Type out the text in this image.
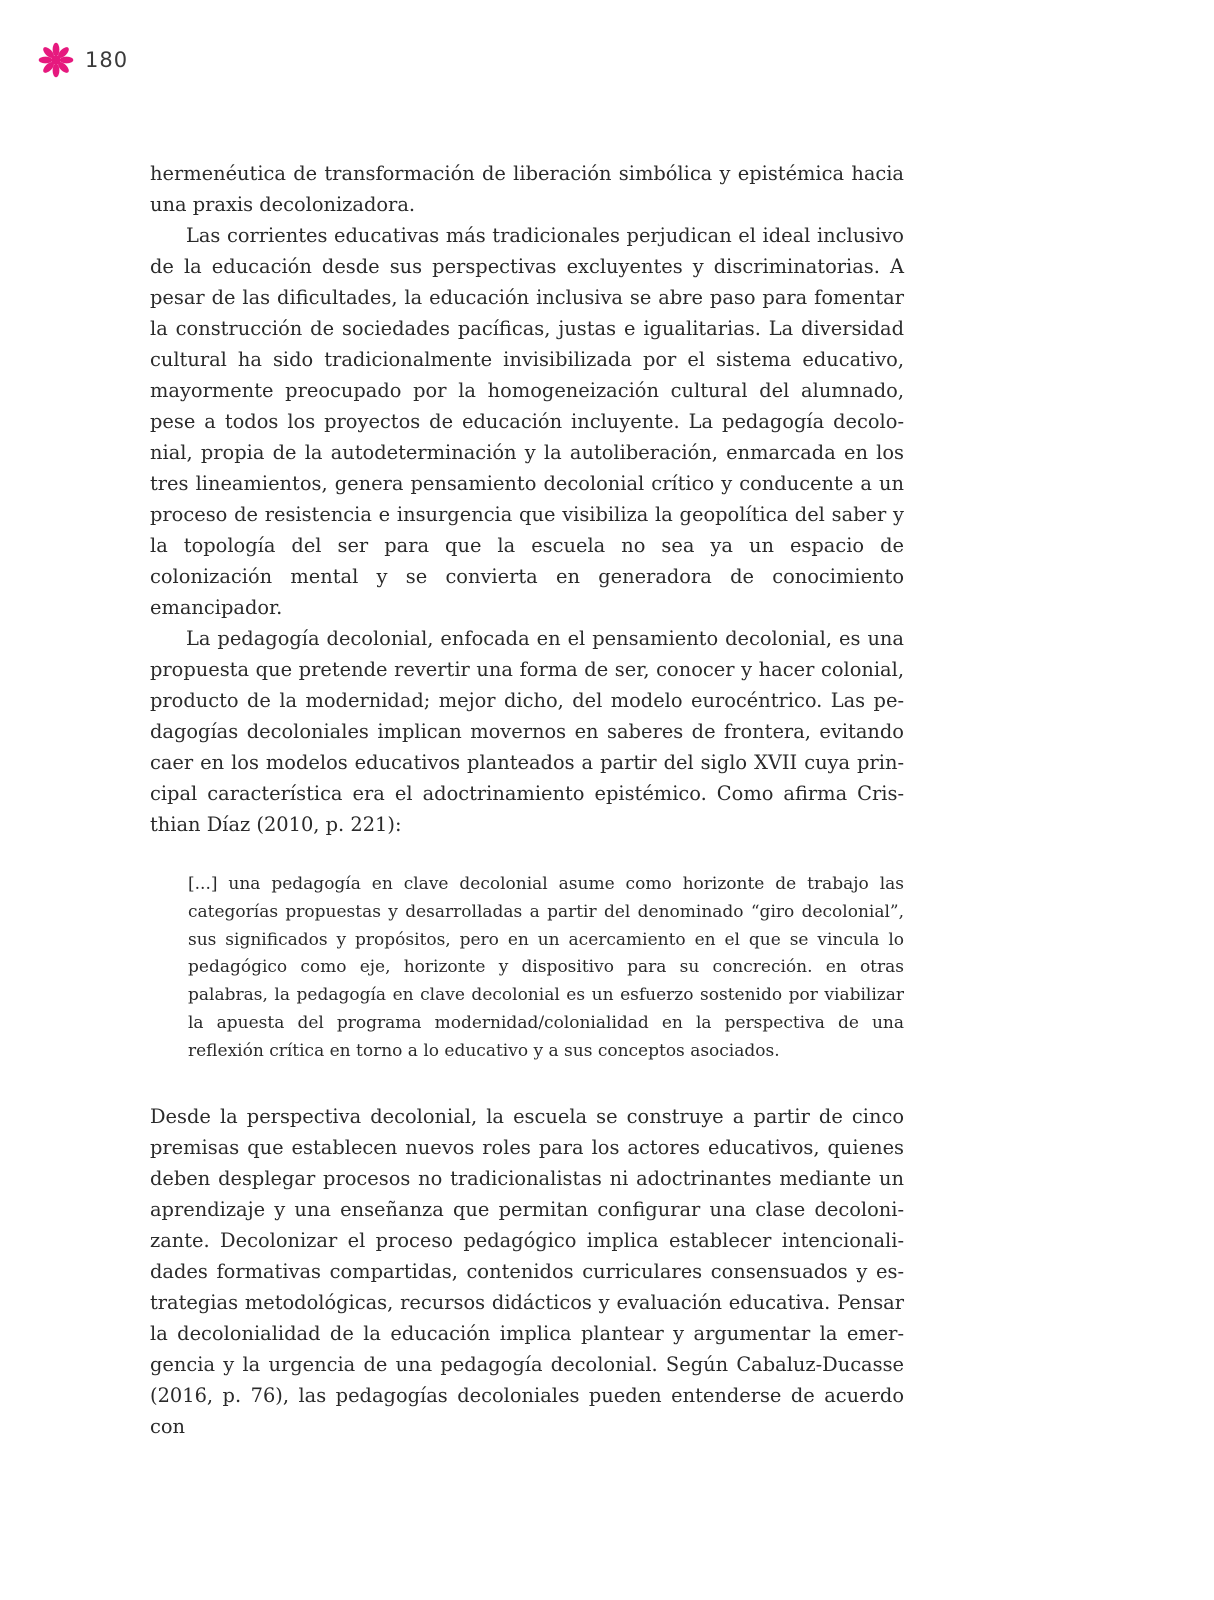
180

hermenéutica de transformación de liberación simbólica y epistémica hacia una praxis decolonizadora.

Las corrientes educativas más tradicionales perjudican el ideal inclusivo de la educación desde sus perspectivas excluyentes y discriminatorias. A pesar de las dificultades, la educación inclusiva se abre paso para fomentar la construcción de sociedades pacíficas, justas e igualitarias. La diversidad cultural ha sido tradicionalmente invisibilizada por el sistema educativo, mayormente preocupado por la homogeneización cultural del alumnado, pese a todos los proyectos de educación incluyente. La pedagogía decolonial, propia de la autodeterminación y la autoliberación, enmarcada en los tres lineamientos, genera pensamiento decolonial crítico y conducente a un proceso de resistencia e insurgencia que visibiliza la geopolítica del saber y la topología del ser para que la escuela no sea ya un espacio de colonización mental y se convierta en generadora de conocimiento emancipador.

La pedagogía decolonial, enfocada en el pensamiento decolonial, es una propuesta que pretende revertir una forma de ser, conocer y hacer colonial, producto de la modernidad; mejor dicho, del modelo eurocéntrico. Las pedagogías decoloniales implican movernos en saberes de frontera, evitando caer en los modelos educativos planteados a partir del siglo XVII cuya principal característica era el adoctrinamiento epistémico. Como afirma Cristhian Díaz (2010, p. 221):

[...] una pedagogía en clave decolonial asume como horizonte de trabajo las categorías propuestas y desarrolladas a partir del denominado “giro decolonial”, sus significados y propósitos, pero en un acercamiento en el que se vincula lo pedagógico como eje, horizonte y dispositivo para su concreción. en otras palabras, la pedagogía en clave decolonial es un esfuerzo sostenido por viabilizar la apuesta del programa modernidad/colonialidad en la perspectiva de una reflexión crítica en torno a lo educativo y a sus conceptos asociados.

Desde la perspectiva decolonial, la escuela se construye a partir de cinco premisas que establecen nuevos roles para los actores educativos, quienes deben desplegar procesos no tradicionalistas ni adoctrinantes mediante un aprendizaje y una enseñanza que permitan configurar una clase decolonizante. Decolonizar el proceso pedagógico implica establecer intencionalidades formativas compartidas, contenidos curriculares consensuados y estrategias metodológicas, recursos didácticos y evaluación educativa. Pensar la decolonialidad de la educación implica plantear y argumentar la emergencia y la urgencia de una pedagogía decolonial. Según Cabaluz-Ducasse (2016, p. 76), las pedagogías decoloniales pueden entenderse de acuerdo con
